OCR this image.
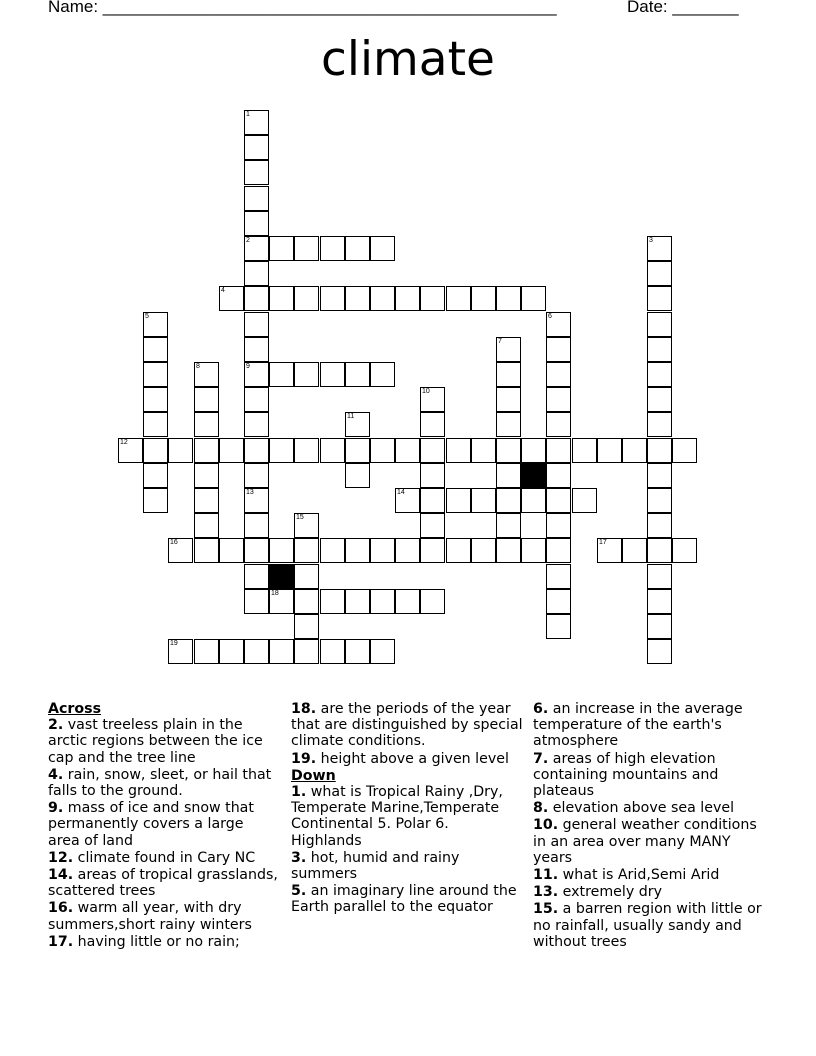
Name: ________________________________________________	Date: _______
climate
1
2
9
13
3
4
5	6
7
8
10
11
12
14
15
16	17
18
19
Across
2. vast treeless plain in the arctic regions between the ice cap and the tree line
4. rain, snow, sleet, or hail that falls to the ground.
9. mass of ice and snow that permanently covers a large area of land
12. climate found in Cary NC
14. areas of tropical grasslands, scattered trees
16. warm all year, with dry summers,short rainy winters
17. having little or no rain;
18. are the periods of the year that are distinguished by special climate conditions.
19. height above a given level
Down
1. what is Tropical Rainy ,Dry, Temperate Marine,Temperate Continental 5. Polar 6. Highlands
3. hot, humid and rainy summers
5. an imaginary line around the Earth parallel to the equator
6. an increase in the average temperature of the earth's atmosphere
7. areas of high elevation containing mountains and plateaus
8. elevation above sea level
10. general weather conditions in an area over many MANY years
11. what is Arid,Semi Arid
13. extremely dry
15. a barren region with little or no rainfall, usually sandy and without trees
